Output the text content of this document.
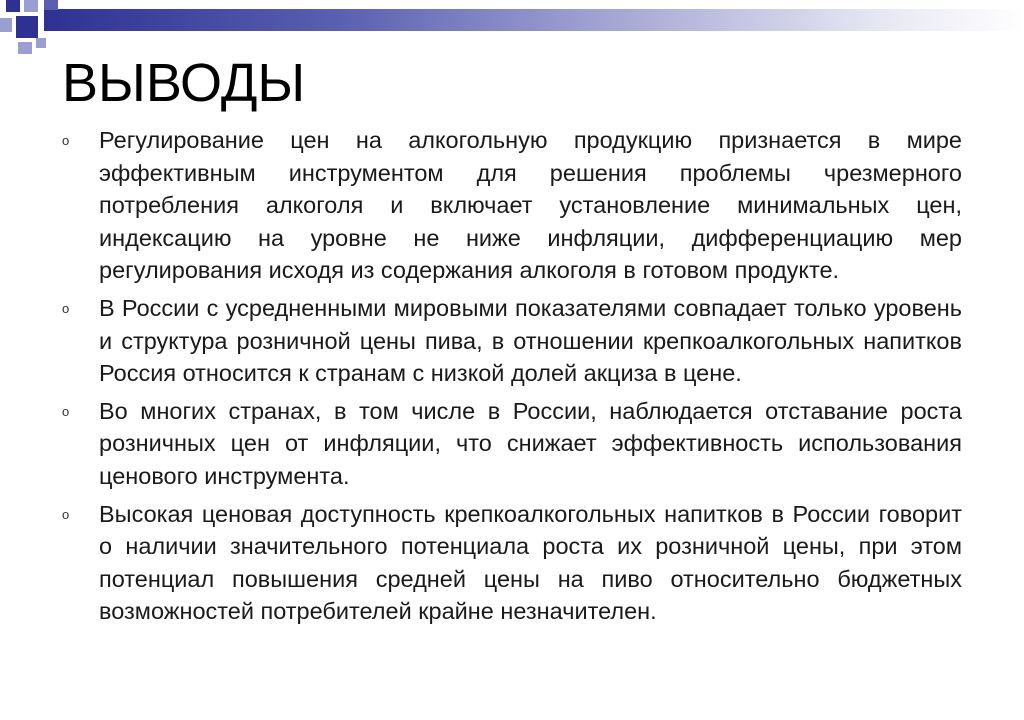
ВЫВОДЫ
o Регулирование цен на алкогольную продукцию признается в мире эффективным инструментом для решения проблемы чрезмерного потребления алкоголя и включает установление минимальных цен, индексацию на уровне не ниже инфляции, дифференциацию мер регулирования исходя из содержания алкоголя в готовом продукте.
o В России с усредненными мировыми показателями совпадает только уровень и структура розничной цены пива, в отношении крепкоалкогольных напитков Россия относится к странам с низкой долей акциза в цене.
o Во многих странах, в том числе в России, наблюдается отставание роста розничных цен от инфляции, что снижает эффективность использования ценового инструмента.
o Высокая ценовая доступность крепкоалкогольных напитков в России говорит о наличии значительного потенциала роста их розничной цены, при этом потенциал повышения средней цены на пиво относительно бюджетных возможностей потребителей крайне незначителен.
